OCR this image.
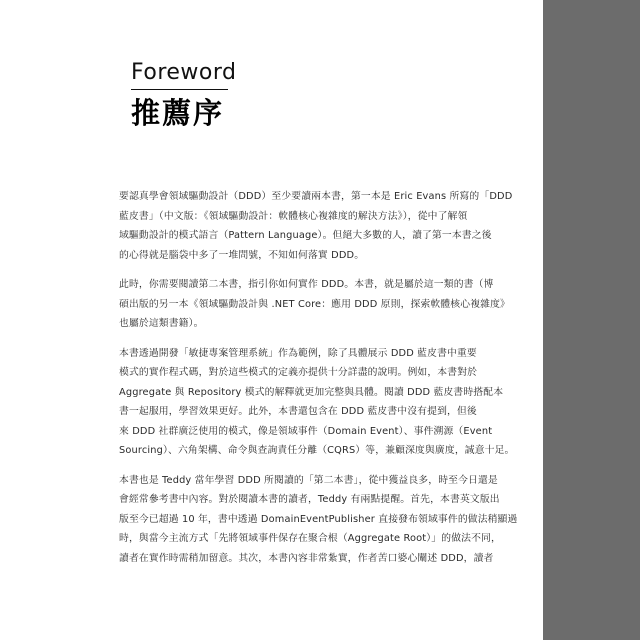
Foreword
推薦序
要認真學會領域驅動設計（DDD）至少要讀兩本書，第一本是 Eric Evans 所寫的「DDD
藍皮書」（中文版：《領域驅動設計：軟體核心複雜度的解決方法》），從中了解領
域驅動設計的模式語言（Pattern Language）。但絕大多數的人，讀了第一本書之後
的心得就是腦袋中多了一堆問號，不知如何落實 DDD。
此時，你需要閱讀第二本書，指引你如何實作 DDD。本書，就是屬於這一類的書（博
碩出版的另一本《領域驅動設計與 .NET Core：應用 DDD 原則，探索軟體核心複雜度》
也屬於這類書籍）。
本書透過開發「敏捷專案管理系統」作為範例，除了具體展示 DDD 藍皮書中重要
模式的實作程式碼，對於這些模式的定義亦提供十分詳盡的說明。例如，本書對於
Aggregate 與 Repository 模式的解釋就更加完整與具體。閱讀 DDD 藍皮書時搭配本
書一起服用，學習效果更好。此外，本書還包含在 DDD 藍皮書中沒有提到，但後
來 DDD 社群廣泛使用的模式，像是領域事件（Domain Event）、事件溯源（Event
Sourcing）、六角架構、命令與查詢責任分離（CQRS）等，兼顧深度與廣度，誠意十足。
本書也是 Teddy 當年學習 DDD 所閱讀的「第二本書」，從中獲益良多，時至今日還是
會經常參考書中內容。對於閱讀本書的讀者，Teddy 有兩點提醒。首先，本書英文版出
版至今已超過 10 年，書中透過 DomainEventPublisher 直接發布領域事件的做法稍顯過
時，與當今主流方式「先將領域事件保存在聚合根（Aggregate Root）」的做法不同，
讀者在實作時需稍加留意。其次，本書內容非常紮實，作者苦口婆心闡述 DDD，讀者
